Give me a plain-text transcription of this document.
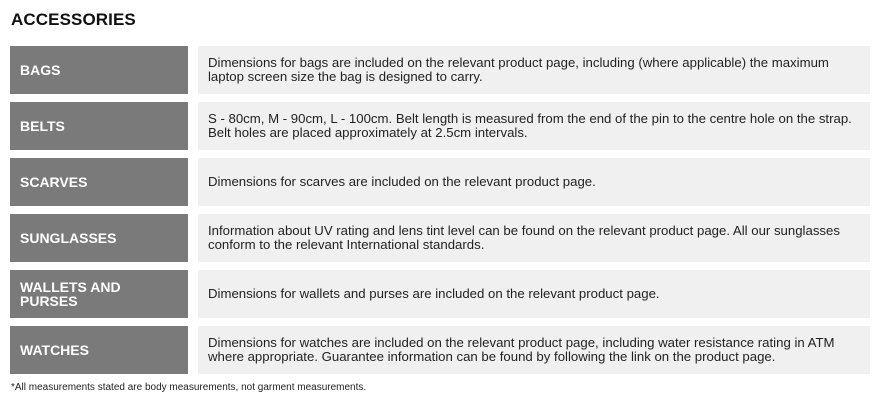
ACCESSORIES
BAGS	Dimensions for bags are included on the relevant product page, including (where applicable) the maximum laptop screen size the bag is designed to carry.
BELTS	S - 80cm, M - 90cm, L - 100cm. Belt length is measured from the end of the pin to the centre hole on the strap. Belt holes are placed approximately at 2.5cm intervals.
SCARVES	Dimensions for scarves are included on the relevant product page.
SUNGLASSES	Information about UV rating and lens tint level can be found on the relevant product page. All our sunglasses conform to the relevant International standards.
WALLETS AND PURSES	Dimensions for wallets and purses are included on the relevant product page.
WATCHES	Dimensions for watches are included on the relevant product page, including water resistance rating in ATM where appropriate. Guarantee information can be found by following the link on the product page.

*All measurements stated are body measurements, not garment measurements.
